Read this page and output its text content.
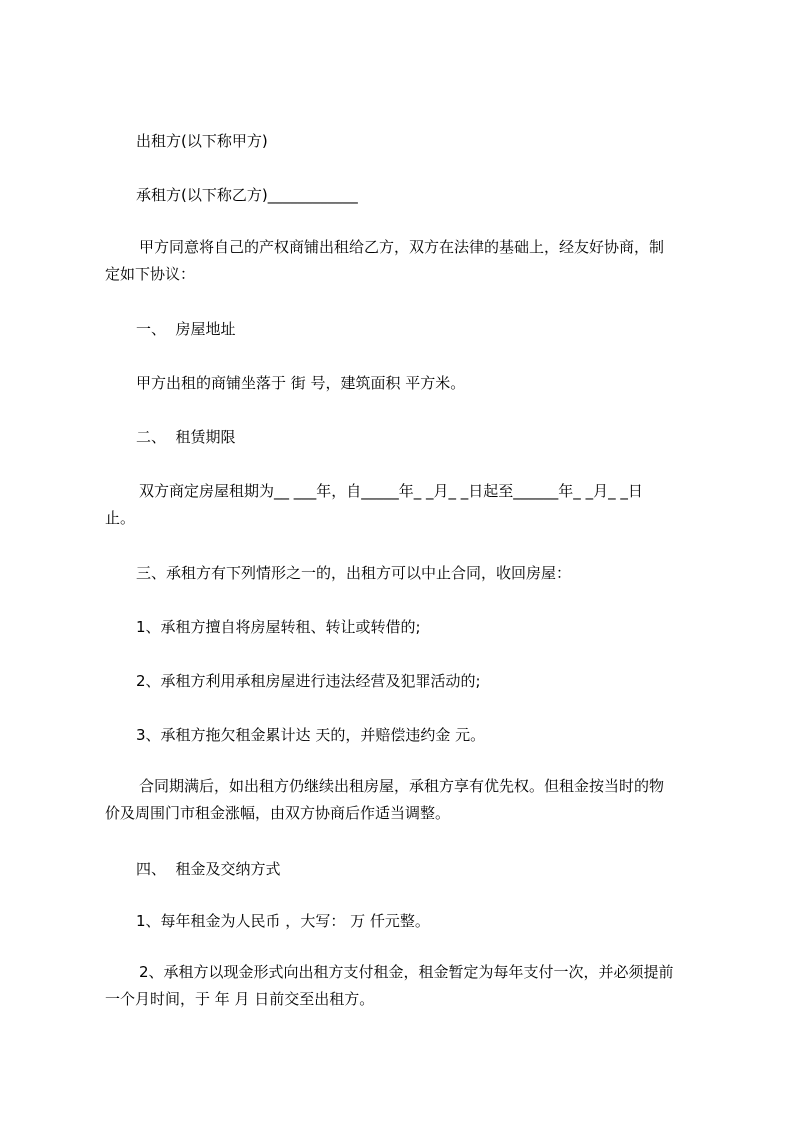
出租方(以下称甲方)

承租方(以下称乙方)____________

甲方同意将自己的产权商铺出租给乙方，双方在法律的基础上，经友好协商，制

定如下协议：

一、  房屋地址

甲方出租的商铺坐落于 街 号，建筑面积 平方米。

二、  租赁期限

双方商定房屋租期为__ ___年，自_____年_ _月_ _日起至______年_ _月_ _日

止。

三、承租方有下列情形之一的，出租方可以中止合同，收回房屋：

1、承租方擅自将房屋转租、转让或转借的;

2、承租方利用承租房屋进行违法经营及犯罪活动的;

3、承租方拖欠租金累计达 天的，并赔偿违约金 元。

合同期满后，如出租方仍继续出租房屋，承租方享有优先权。但租金按当时的物

价及周围门市租金涨幅，由双方协商后作适当调整。

四、  租金及交纳方式

1、每年租金为人民币 ，大写： 万 仟元整。

2、承租方以现金形式向出租方支付租金，租金暂定为每年支付一次，并必须提前

一个月时间，于 年 月 日前交至出租方。
